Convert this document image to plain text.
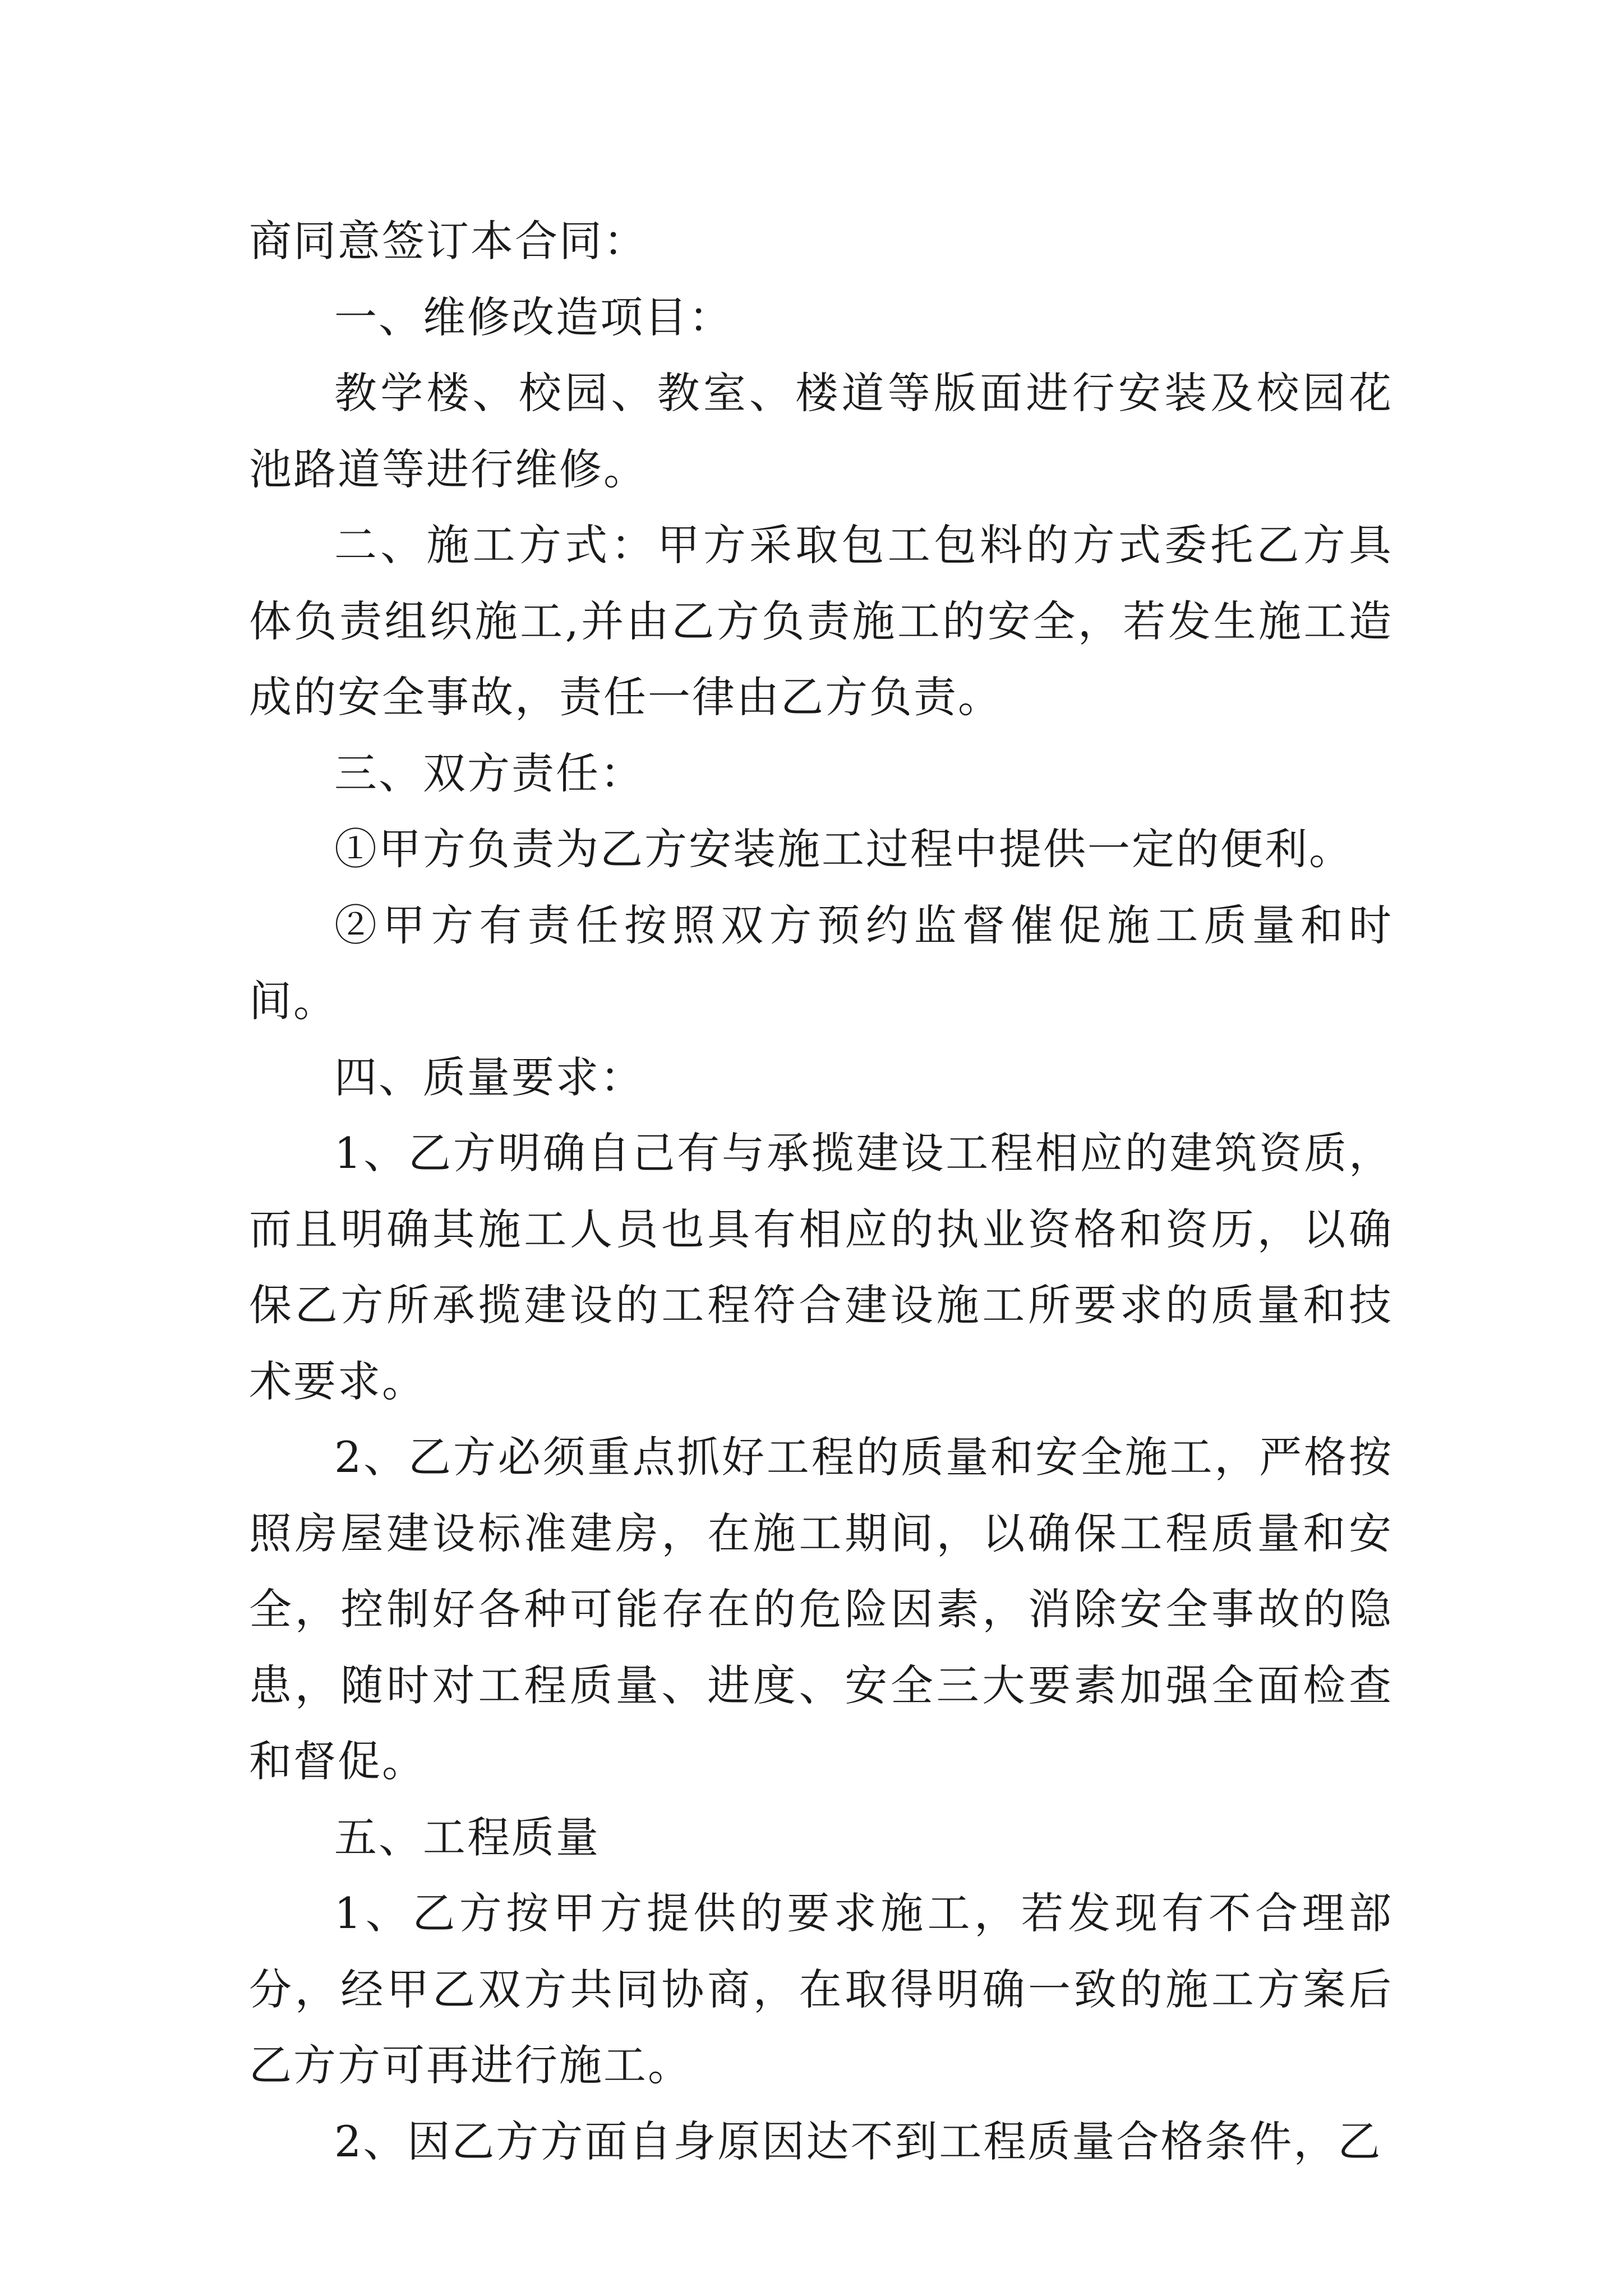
商同意签订本合同：

一、维修改造项目：

教学楼、校园、教室、楼道等版面进行安装及校园花池路道等进行维修。

二、施工方式：甲方采取包工包料的方式委托乙方具体负责组织施工,并由乙方负责施工的安全，若发生施工造成的安全事故，责任一律由乙方负责。

三、双方责任：

①甲方负责为乙方安装施工过程中提供一定的便利。

②甲方有责任按照双方预约监督催促施工质量和时间。

四、质量要求：

1、乙方明确自己有与承揽建设工程相应的建筑资质，而且明确其施工人员也具有相应的执业资格和资历，以确保乙方所承揽建设的工程符合建设施工所要求的质量和技术要求。

2、乙方必须重点抓好工程的质量和安全施工，严格按照房屋建设标准建房，在施工期间，以确保工程质量和安全，控制好各种可能存在的危险因素，消除安全事故的隐患，随时对工程质量、进度、安全三大要素加强全面检查和督促。

五、工程质量

1、乙方按甲方提供的要求施工，若发现有不合理部分，经甲乙双方共同协商，在取得明确一致的施工方案后乙方方可再进行施工。

2、因乙方方面自身原因达不到工程质量合格条件，乙
